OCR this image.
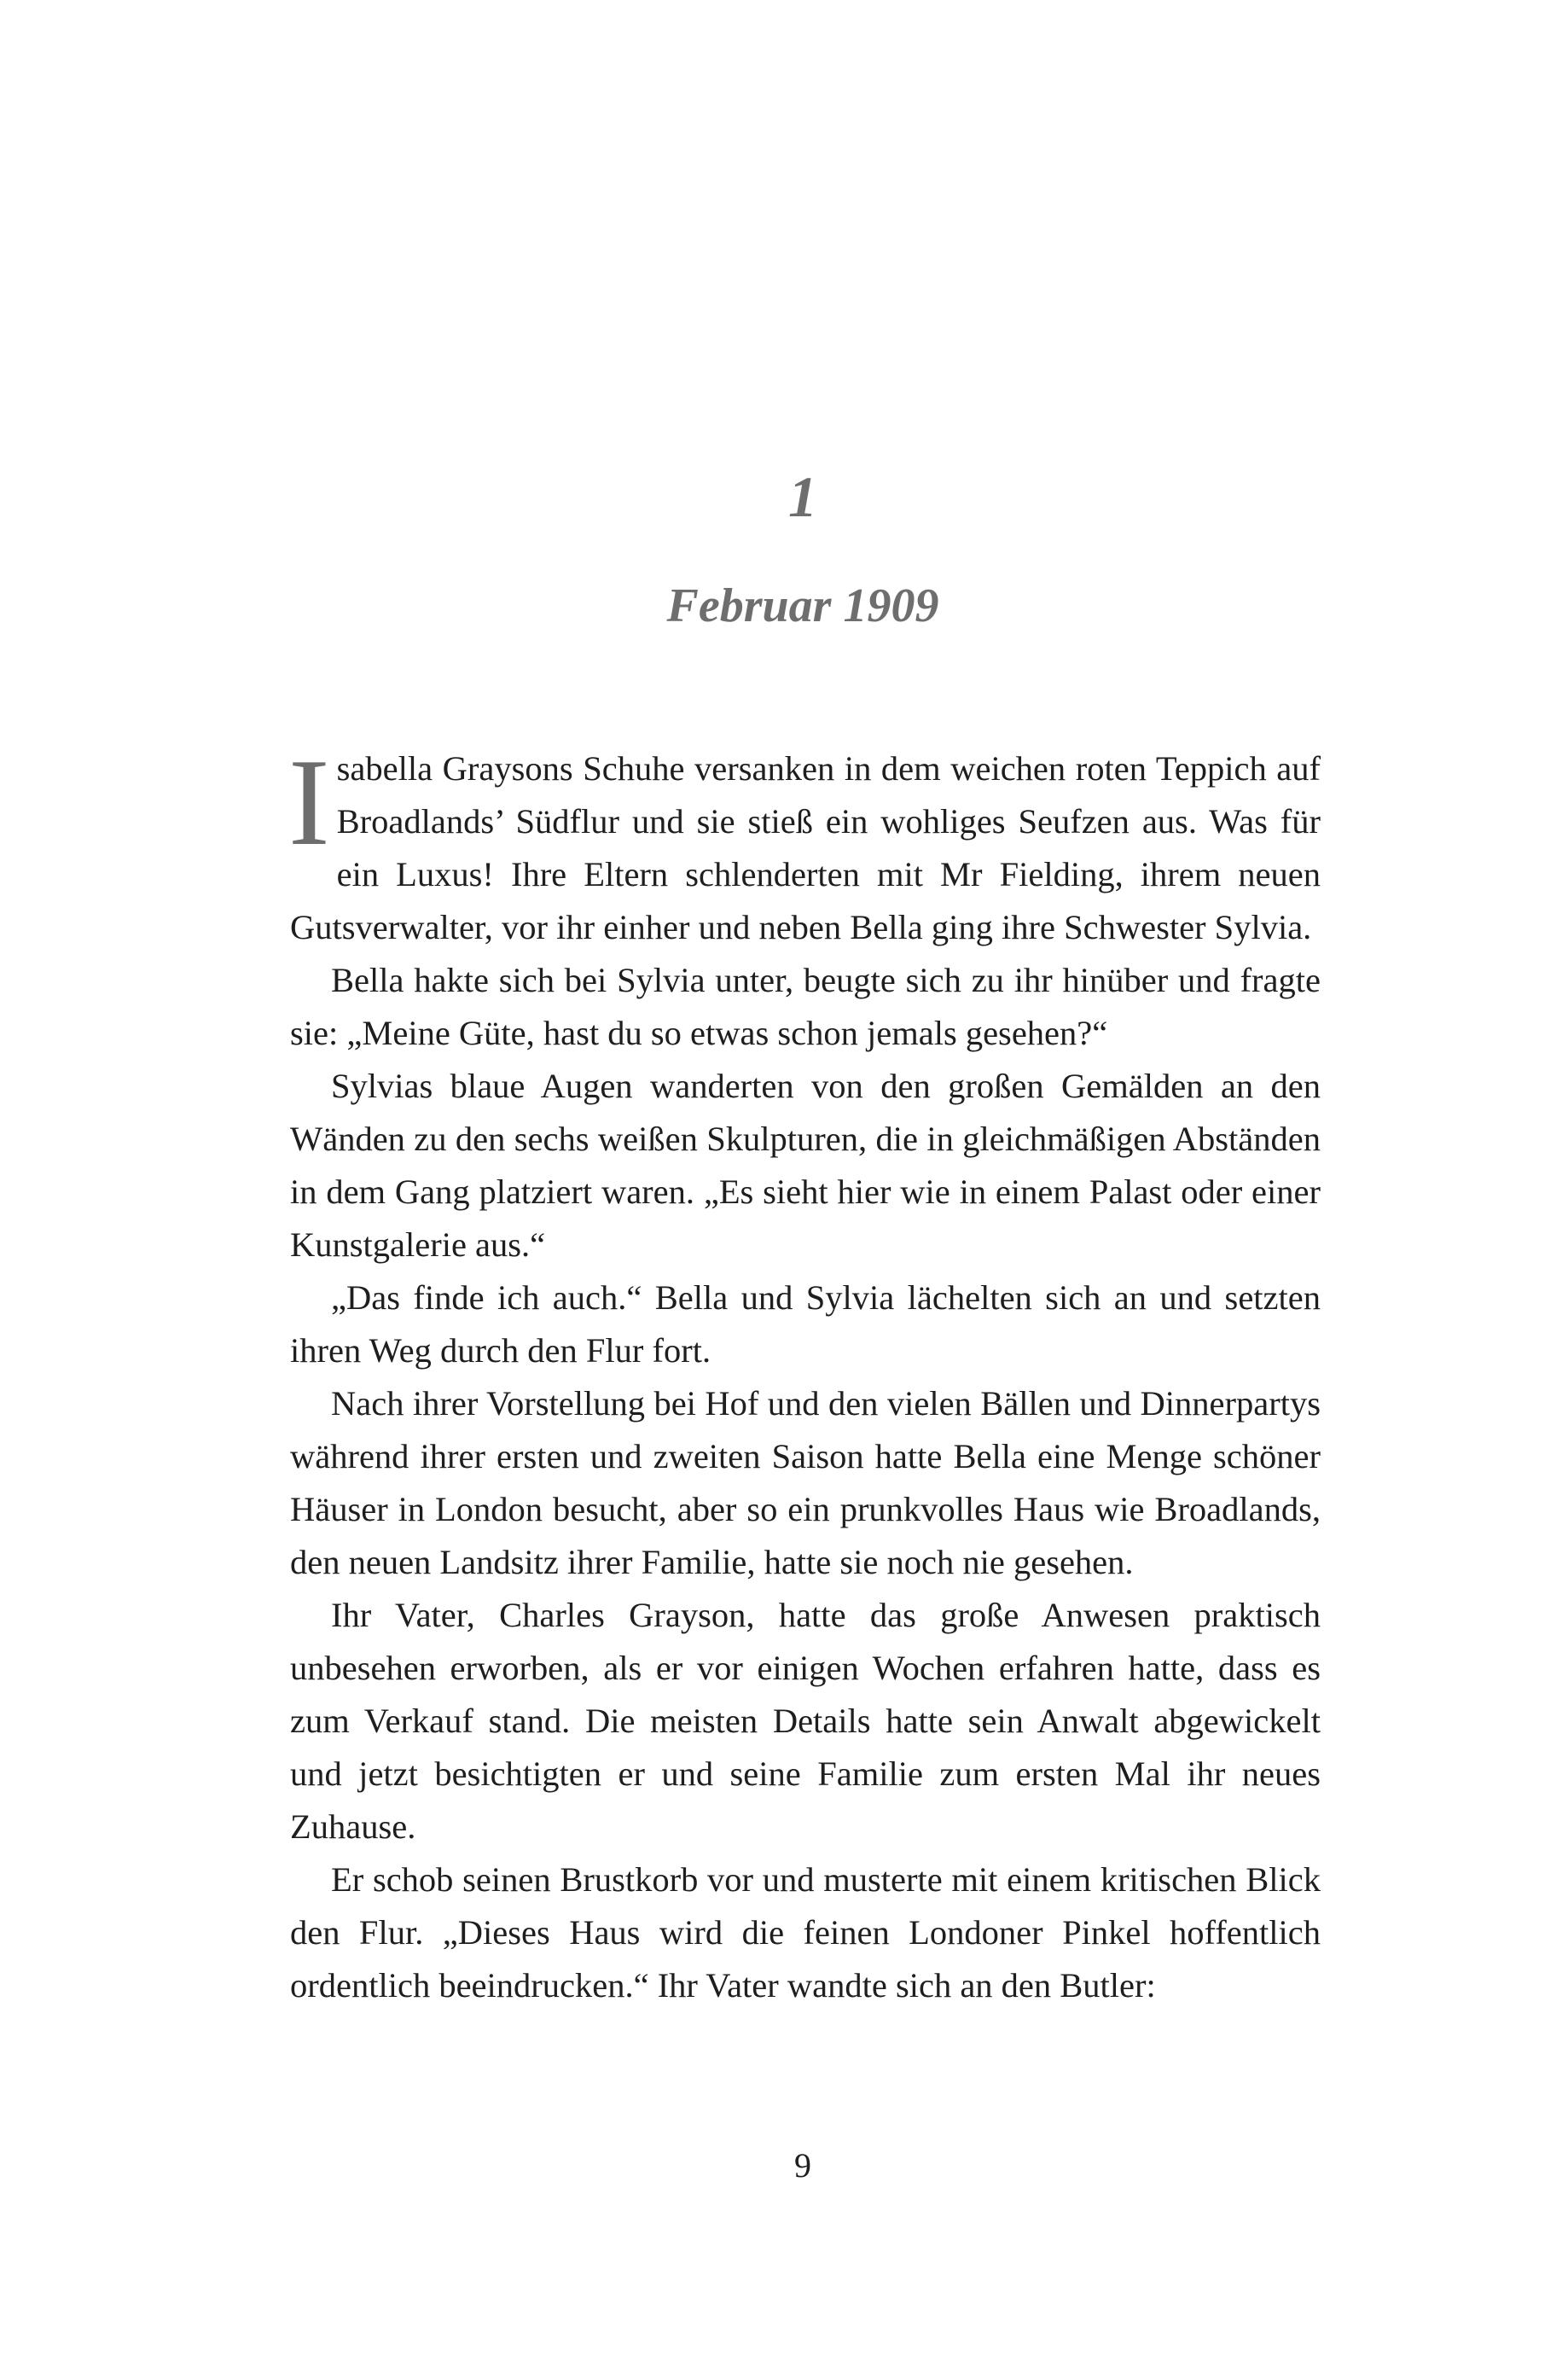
1
Februar 1909

Isabella Graysons Schuhe versanken in dem weichen roten Teppich auf Broadlands’ Südflur und sie stieß ein wohliges Seufzen aus. Was für ein Luxus! Ihre Eltern schlenderten mit Mr Fielding, ihrem neuen Gutsverwalter, vor ihr einher und neben Bella ging ihre Schwester Sylvia.

Bella hakte sich bei Sylvia unter, beugte sich zu ihr hinüber und fragte sie: „Meine Güte, hast du so etwas schon jemals gesehen?“

Sylvias blaue Augen wanderten von den großen Gemälden an den Wänden zu den sechs weißen Skulpturen, die in gleichmäßigen Abständen in dem Gang platziert waren. „Es sieht hier wie in einem Palast oder einer Kunstgalerie aus.“

„Das finde ich auch.“ Bella und Sylvia lächelten sich an und setzten ihren Weg durch den Flur fort.

Nach ihrer Vorstellung bei Hof und den vielen Bällen und Dinnerpartys während ihrer ersten und zweiten Saison hatte Bella eine Menge schöner Häuser in London besucht, aber so ein prunkvolles Haus wie Broadlands, den neuen Landsitz ihrer Familie, hatte sie noch nie gesehen.

Ihr Vater, Charles Grayson, hatte das große Anwesen praktisch unbesehen erworben, als er vor einigen Wochen erfahren hatte, dass es zum Verkauf stand. Die meisten Details hatte sein Anwalt abgewickelt und jetzt besichtigten er und seine Familie zum ersten Mal ihr neues Zuhause.

Er schob seinen Brustkorb vor und musterte mit einem kritischen Blick den Flur. „Dieses Haus wird die feinen Londoner Pinkel hoffentlich ordentlich beeindrucken.“ Ihr Vater wandte sich an den Butler:

9
